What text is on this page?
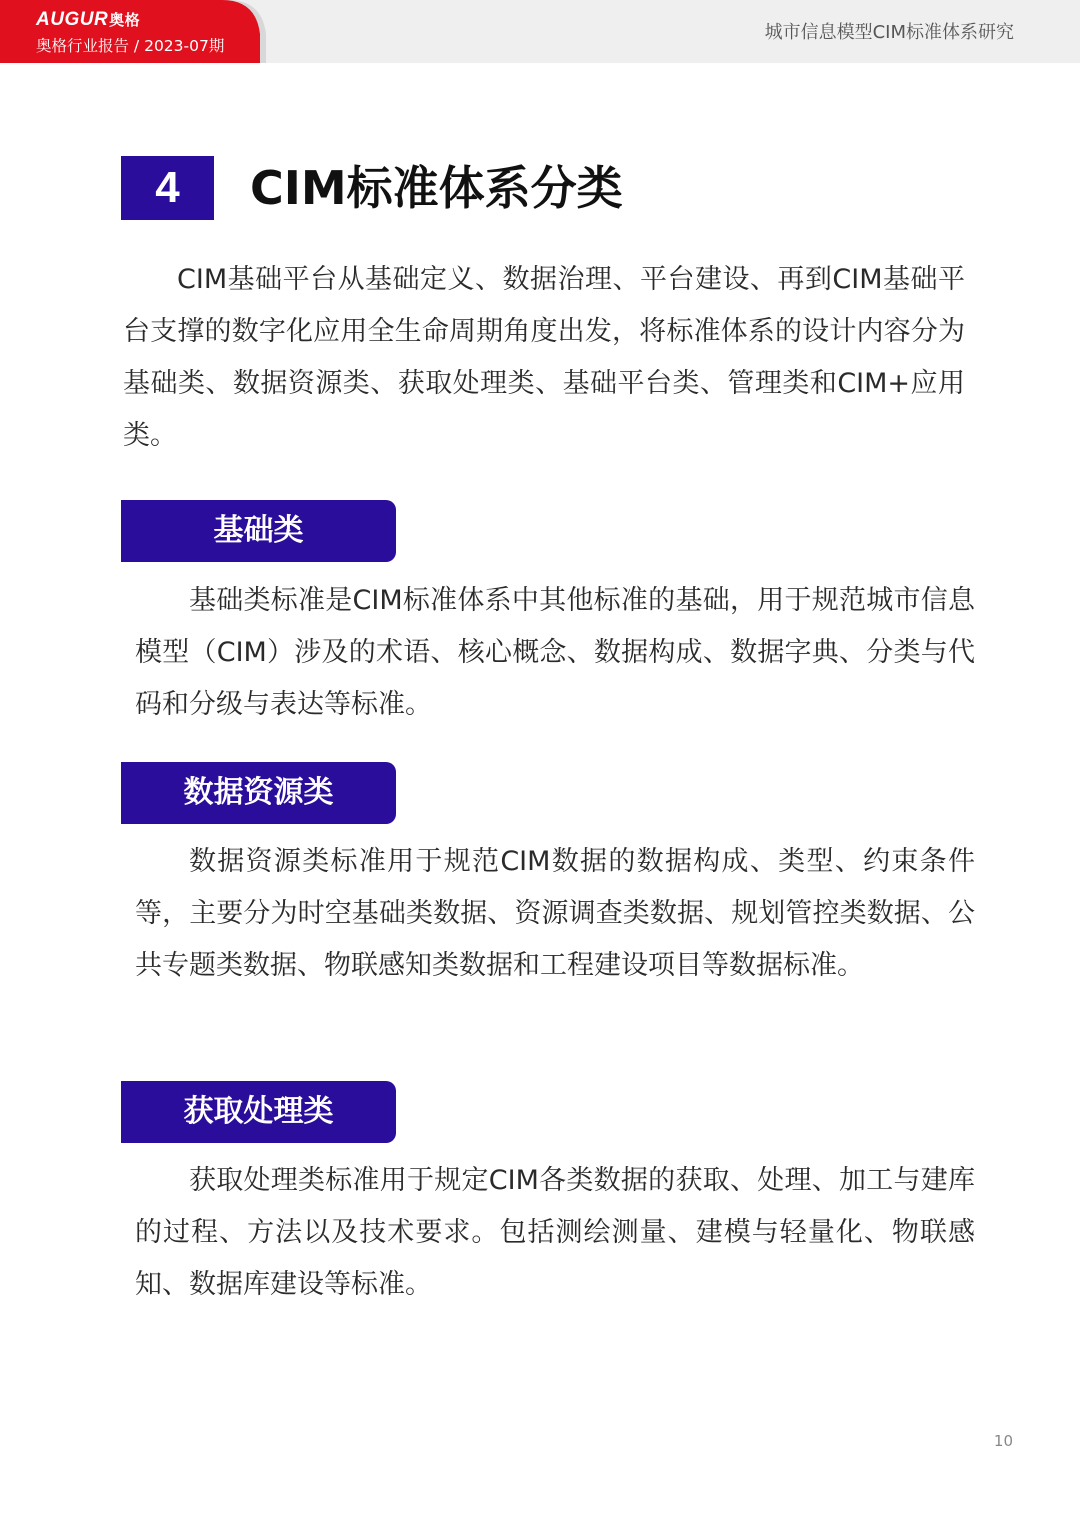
AUGUR奥格
奥格行业报告 / 2023-07期
城市信息模型CIM标准体系研究
4	CIM标准体系分类

CIM基础平台从基础定义、数据治理、平台建设、再到CIM基础平台支撑的数字化应用全生命周期角度出发，将标准体系的设计内容分为基础类、数据资源类、获取处理类、基础平台类、管理类和CIM+应用类。

基础类

基础类标准是CIM标准体系中其他标准的基础，用于规范城市信息模型（CIM）涉及的术语、核心概念、数据构成、数据字典、分类与代码和分级与表达等标准。

数据资源类

数据资源类标准用于规范CIM数据的数据构成、类型、约束条件等，主要分为时空基础类数据、资源调查类数据、规划管控类数据、公共专题类数据、物联感知类数据和工程建设项目等数据标准。

获取处理类

获取处理类标准用于规定CIM各类数据的获取、处理、加工与建库的过程、方法以及技术要求。包括测绘测量、建模与轻量化、物联感知、数据库建设等标准。

10
